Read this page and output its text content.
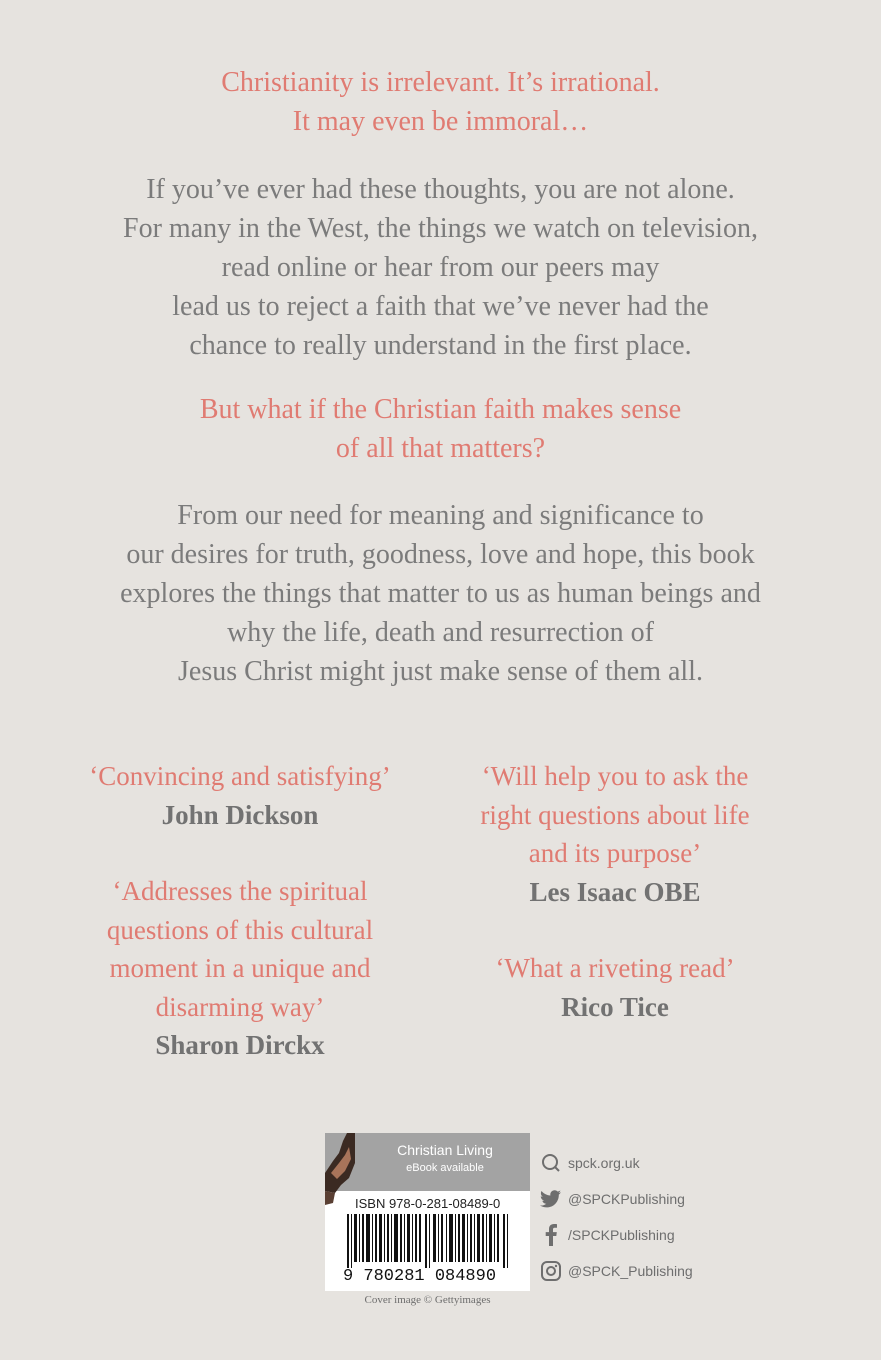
Christianity is irrelevant. It’s irrational.
It may even be immoral…
If you’ve ever had these thoughts, you are not alone.
For many in the West, the things we watch on television,
read online or hear from our peers may
lead us to reject a faith that we’ve never had the
chance to really understand in the first place.
But what if the Christian faith makes sense
of all that matters?
From our need for meaning and significance to
our desires for truth, goodness, love and hope, this book
explores the things that matter to us as human beings and
why the life, death and resurrection of
Jesus Christ might just make sense of them all.
‘Convincing and satisfying’
John Dickson
‘Will help you to ask the
right questions about life
and its purpose’
Les Isaac OBE
‘Addresses the spiritual
questions of this cultural
moment in a unique and
disarming way’
Sharon Dirckx
‘What a riveting read’
Rico Tice
Christian Living
eBook available
ISBN 978-0-281-08489-0
9 780281 084890
Cover image © Gettyimages
spck.org.uk
@SPCKPublishing
/SPCKPublishing
@SPCK_Publishing
